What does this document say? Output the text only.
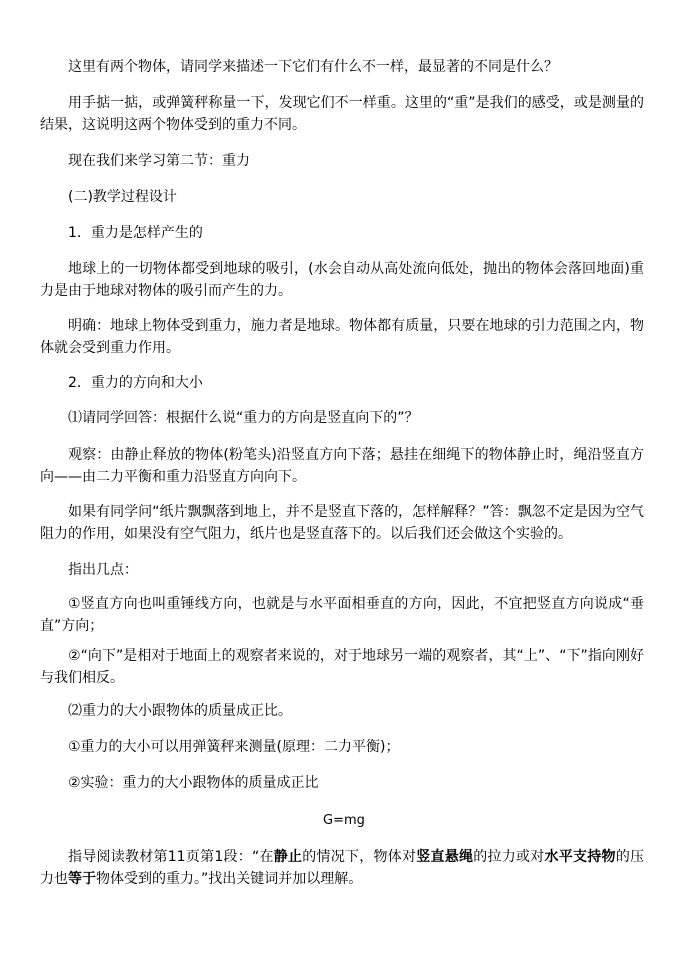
这里有两个物体，请同学来描述一下它们有什么不一样，最显著的不同是什么？

用手掂一掂，或弹簧秤称量一下，发现它们不一样重。这里的“重”是我们的感受，或是测量的结果，这说明这两个物体受到的重力不同。

现在我们来学习第二节：重力

(二)教学过程设计

1．重力是怎样产生的

地球上的一切物体都受到地球的吸引，(水会自动从高处流向低处，抛出的物体会落回地面)重力是由于地球对物体的吸引而产生的力。

明确：地球上物体受到重力，施力者是地球。物体都有质量，只要在地球的引力范围之内，物体就会受到重力作用。

2．重力的方向和大小

⑴请同学回答：根据什么说“重力的方向是竖直向下的”？

观察：由静止释放的物体(粉笔头)沿竖直方向下落；悬挂在细绳下的物体静止时，绳沿竖直方向——由二力平衡和重力沿竖直方向向下。

如果有同学问“纸片飘飘落到地上，并不是竖直下落的，怎样解释？”答：飘忽不定是因为空气阻力的作用，如果没有空气阻力，纸片也是竖直落下的。以后我们还会做这个实验的。

指出几点：

①竖直方向也叫重锤线方向，也就是与水平面相垂直的方向，因此，不宜把竖直方向说成“垂直”方向；

②“向下”是相对于地面上的观察者来说的，对于地球另一端的观察者，其“上”、“下”指向刚好与我们相反。

⑵重力的大小跟物体的质量成正比。

①重力的大小可以用弹簧秤来测量(原理：二力平衡)；

②实验：重力的大小跟物体的质量成正比

G=mg

指导阅读教材第11页第1段：“在静止的情况下，物体对竖直悬绳的拉力或对水平支持物的压力也等于物体受到的重力。”找出关键词并加以理解。
